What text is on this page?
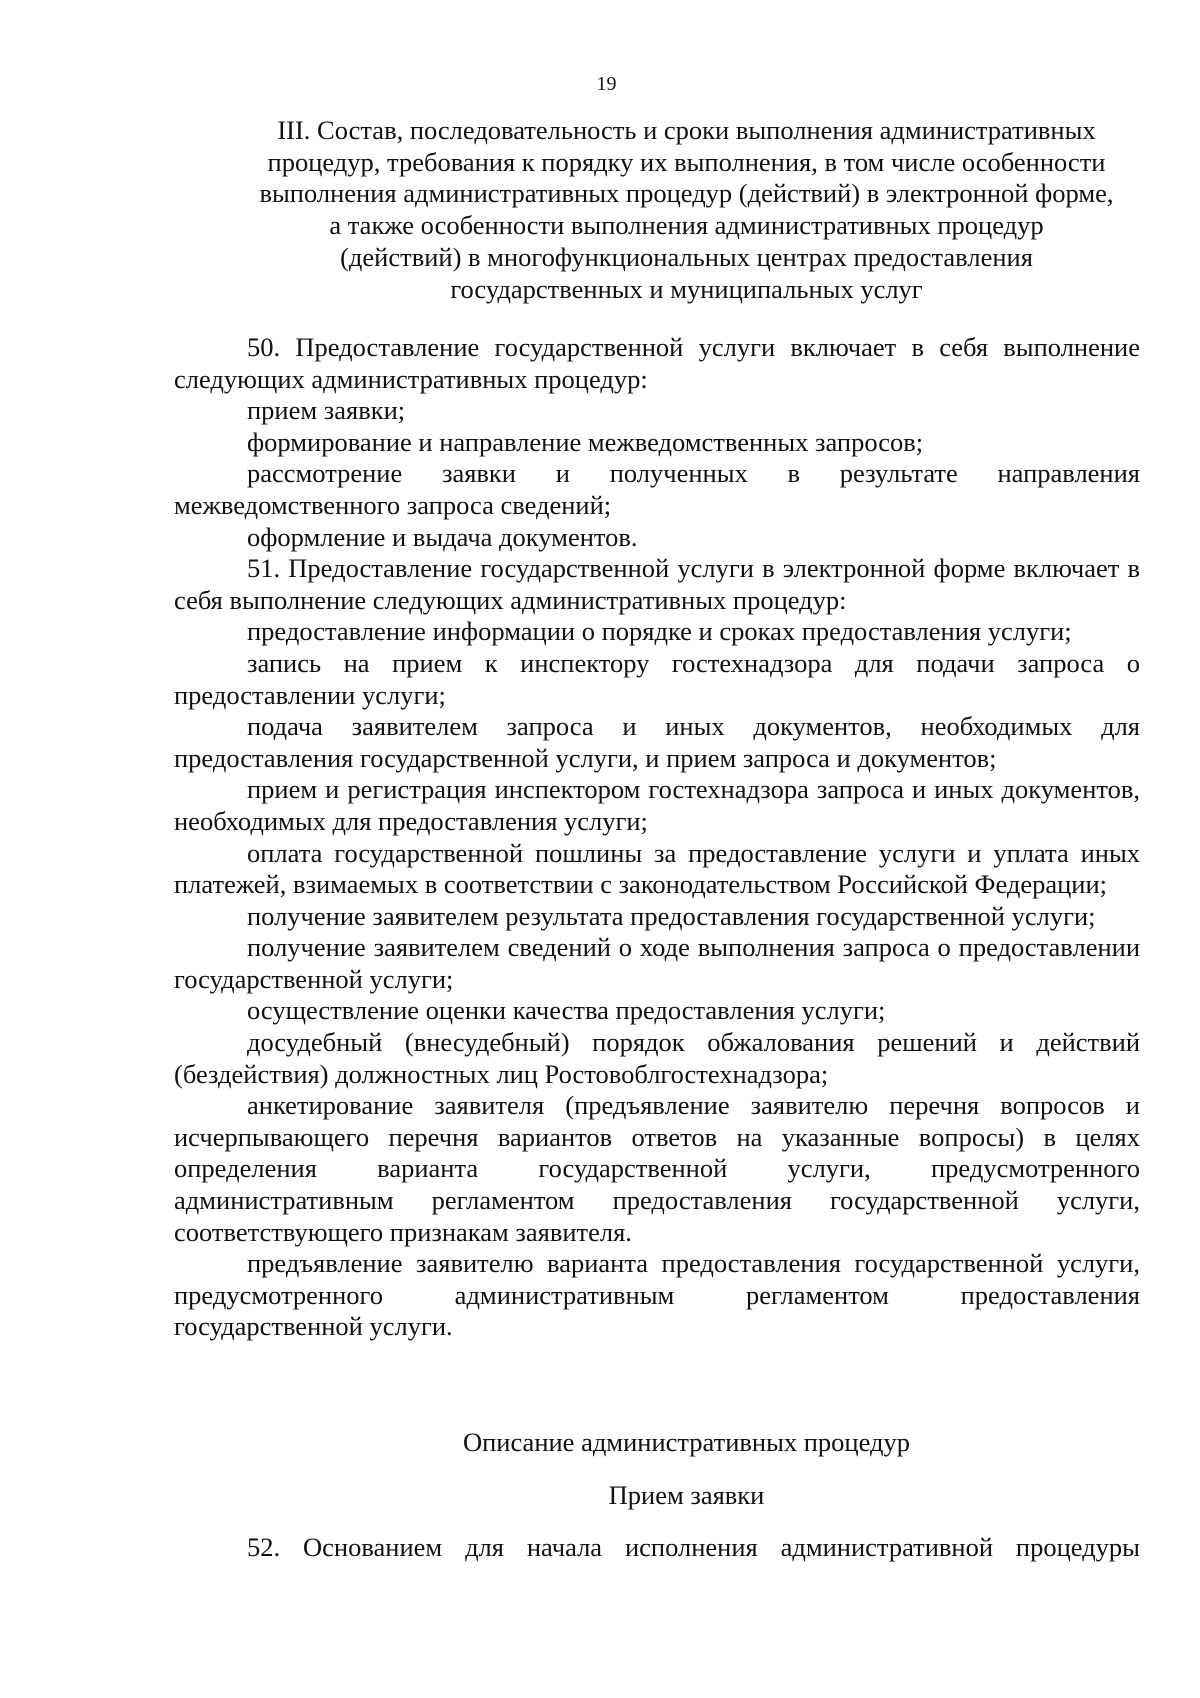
19
III. Состав, последовательность и сроки выполнения административных
процедур, требования к порядку их выполнения, в том числе особенности
выполнения административных процедур (действий) в электронной форме,
а также особенности выполнения административных процедур
(действий) в многофункциональных центрах предоставления
государственных и муниципальных услуг

50. Предоставление государственной услуги включает в себя выполнение следующих административных процедур:

прием заявки;

формирование и направление межведомственных запросов;

рассмотрение заявки и полученных в результате направления межведомственного запроса сведений;

оформление и выдача документов.

51. Предоставление государственной услуги в электронной форме включает в себя выполнение следующих административных процедур:

предоставление информации о порядке и сроках предоставления услуги;

запись на прием к инспектору гостехнадзора для подачи запроса о предоставлении услуги;

подача заявителем запроса и иных документов, необходимых для предоставления государственной услуги, и прием запроса и документов;

прием и регистрация инспектором гостехнадзора запроса и иных документов, необходимых для предоставления услуги;

оплата государственной пошлины за предоставление услуги и уплата иных платежей, взимаемых в соответствии с законодательством Российской Федерации;

получение заявителем результата предоставления государственной услуги;

получение заявителем сведений о ходе выполнения запроса о предоставлении государственной услуги;

осуществление оценки качества предоставления услуги;

досудебный (внесудебный) порядок обжалования решений и действий (бездействия) должностных лиц Ростовоблгостехнадзора;

анкетирование заявителя (предъявление заявителю перечня вопросов и исчерпывающего перечня вариантов ответов на указанные вопросы) в целях определения варианта государственной услуги, предусмотренного административным регламентом предоставления государственной услуги, соответствующего признакам заявителя.

предъявление заявителю варианта предоставления государственной услуги, предусмотренного административным регламентом предоставления государственной услуги.

Описание административных процедур
Прием заявки
52. Основанием для начала исполнения административной процедуры
